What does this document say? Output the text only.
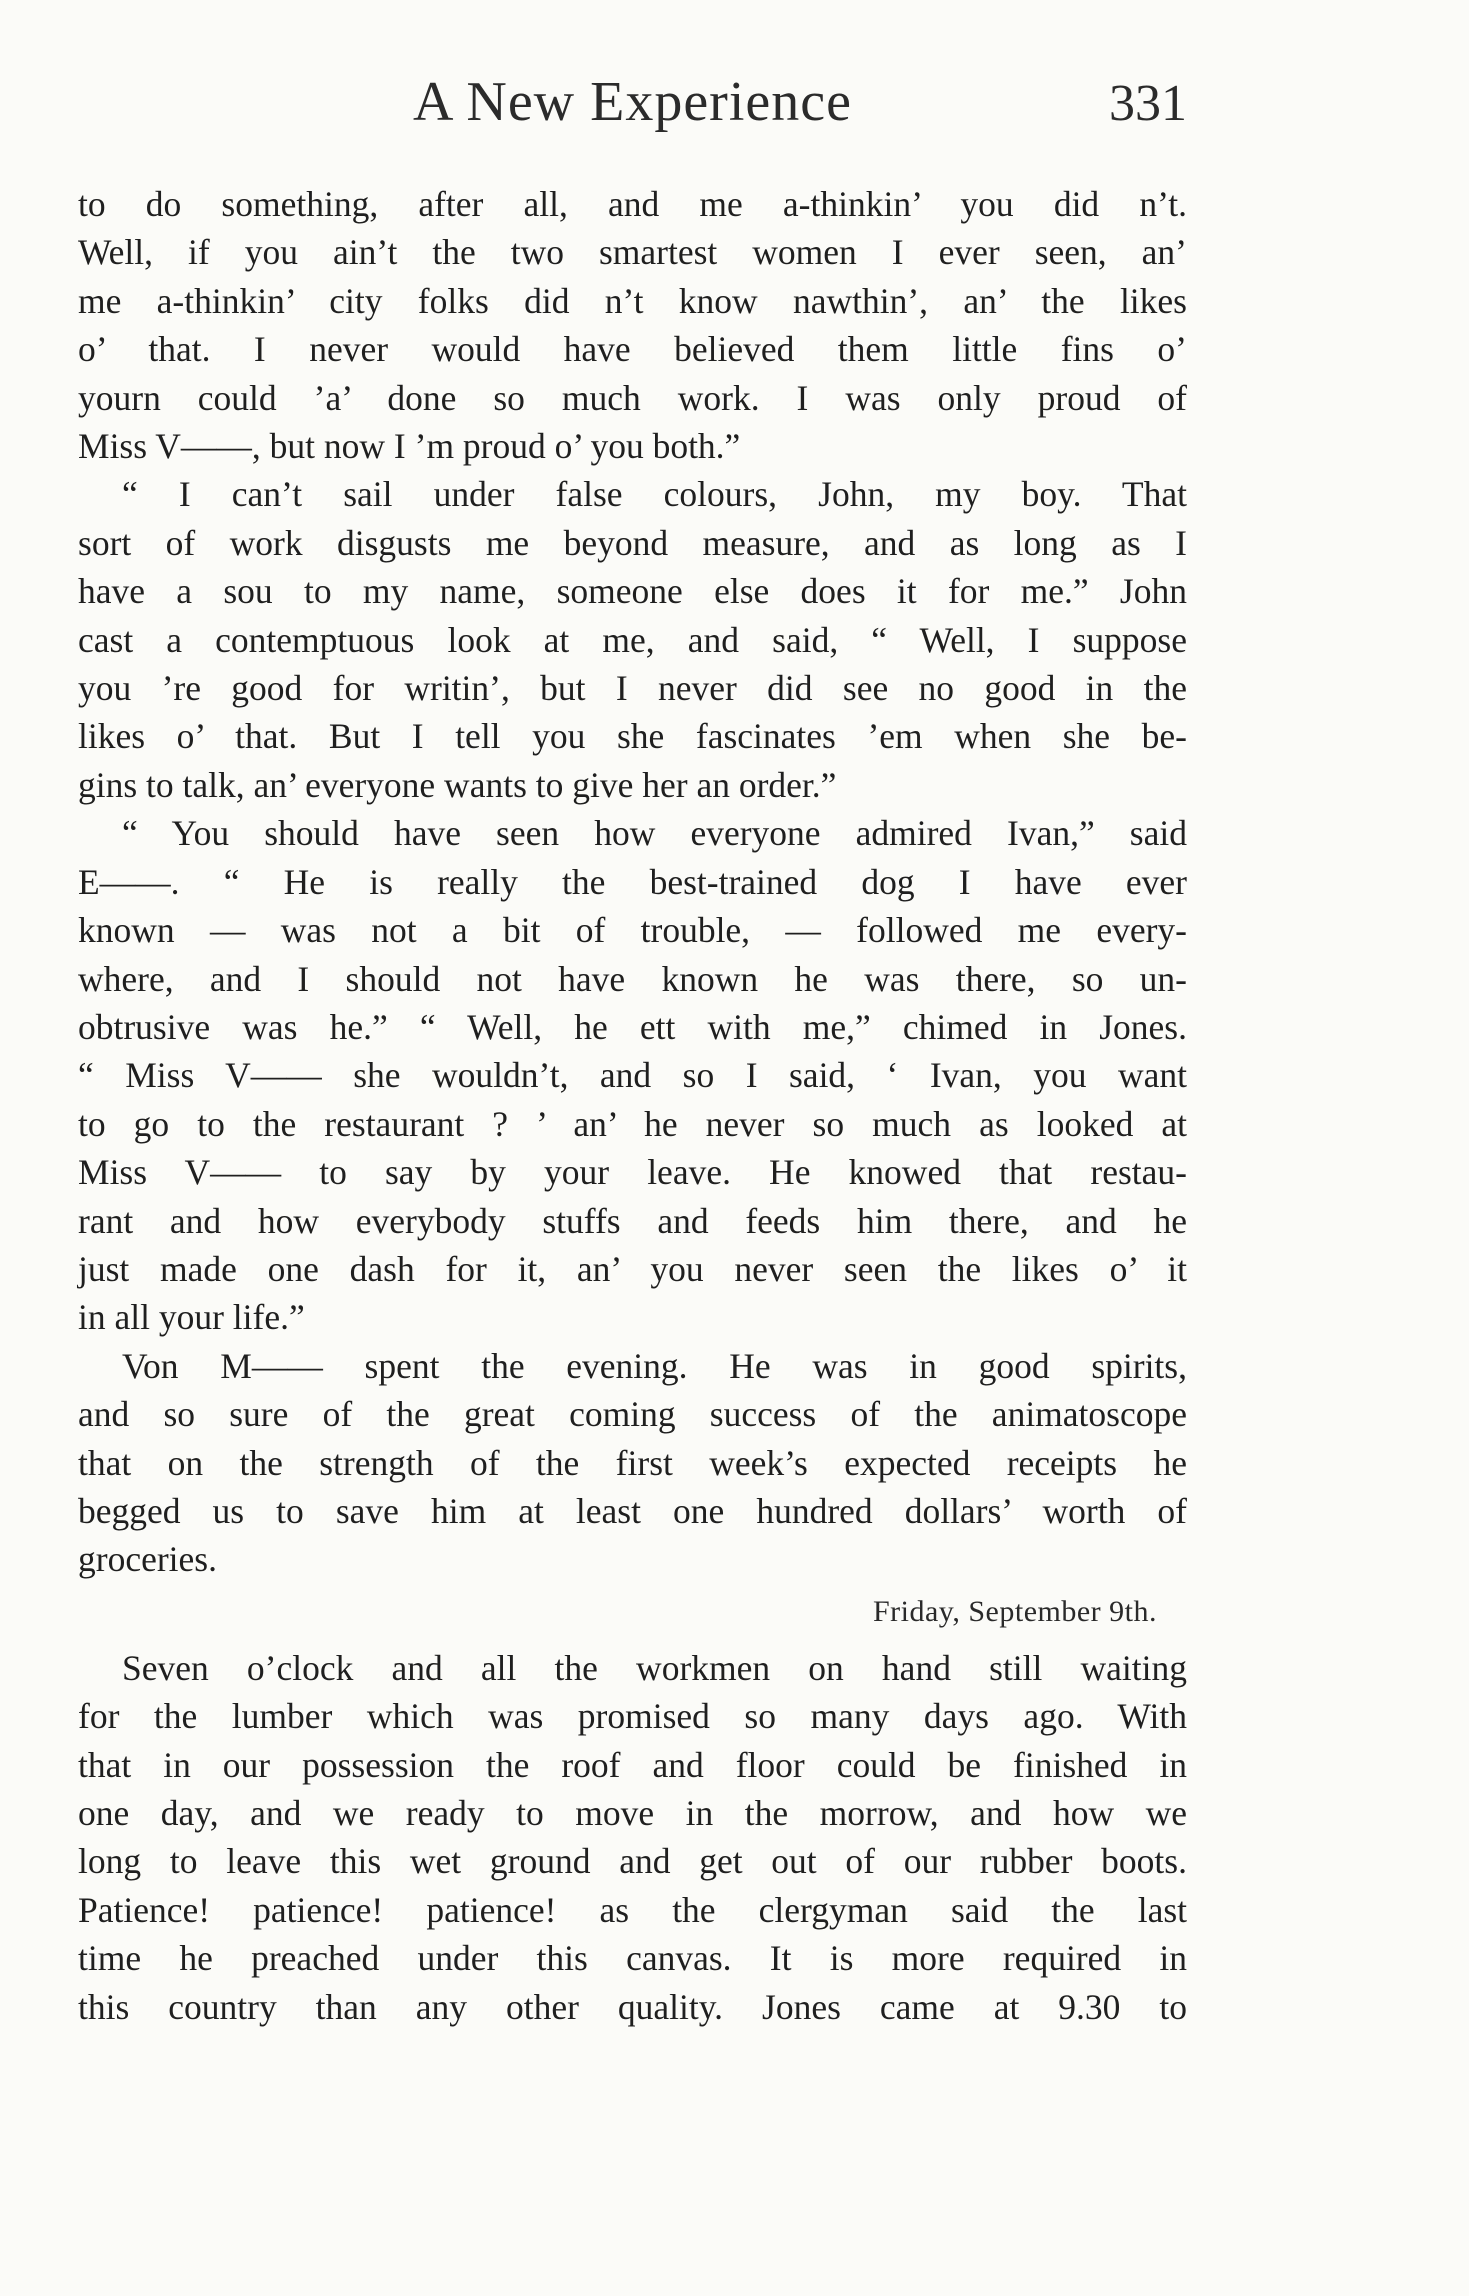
A New Experience	331
to do something, after all, and me a-thinkin’ you did n’t.
Well, if you ain’t the two smartest women I ever seen, an’
me a-thinkin’ city folks did n’t know nawthin’, an’ the likes
o’ that. I never would have believed them little fins o’
yourn could ’a’ done so much work. I was only proud of
Miss V——, but now I ’m proud o’ you both.”
“ I can’t sail under false colours, John, my boy. That
sort of work disgusts me beyond measure, and as long as I
have a sou to my name, someone else does it for me.” John
cast a contemptuous look at me, and said, “ Well, I suppose
you ’re good for writin’, but I never did see no good in the
likes o’ that. But I tell you she fascinates ’em when she be-
gins to talk, an’ everyone wants to give her an order.”
“ You should have seen how everyone admired Ivan,” said
E——. “ He is really the best-trained dog I have ever
known — was not a bit of trouble, — followed me every-
where, and I should not have known he was there, so un-
obtrusive was he.” “ Well, he ett with me,” chimed in Jones.
“ Miss V—— she wouldn’t, and so I said, ‘ Ivan, you want
to go to the restaurant ? ’ an’ he never so much as looked at
Miss V—— to say by your leave. He knowed that restau-
rant and how everybody stuffs and feeds him there, and he
just made one dash for it, an’ you never seen the likes o’ it
in all your life.”
Von M—— spent the evening. He was in good spirits,
and so sure of the great coming success of the animatoscope
that on the strength of the first week’s expected receipts he
begged us to save him at least one hundred dollars’ worth of
groceries.
Friday, September 9th.
Seven o’clock and all the workmen on hand still waiting
for the lumber which was promised so many days ago. With
that in our possession the roof and floor could be finished in
one day, and we ready to move in the morrow, and how we
long to leave this wet ground and get out of our rubber boots.
Patience! patience! patience! as the clergyman said the last
time he preached under this canvas. It is more required in
this country than any other quality. Jones came at 9.30 to
